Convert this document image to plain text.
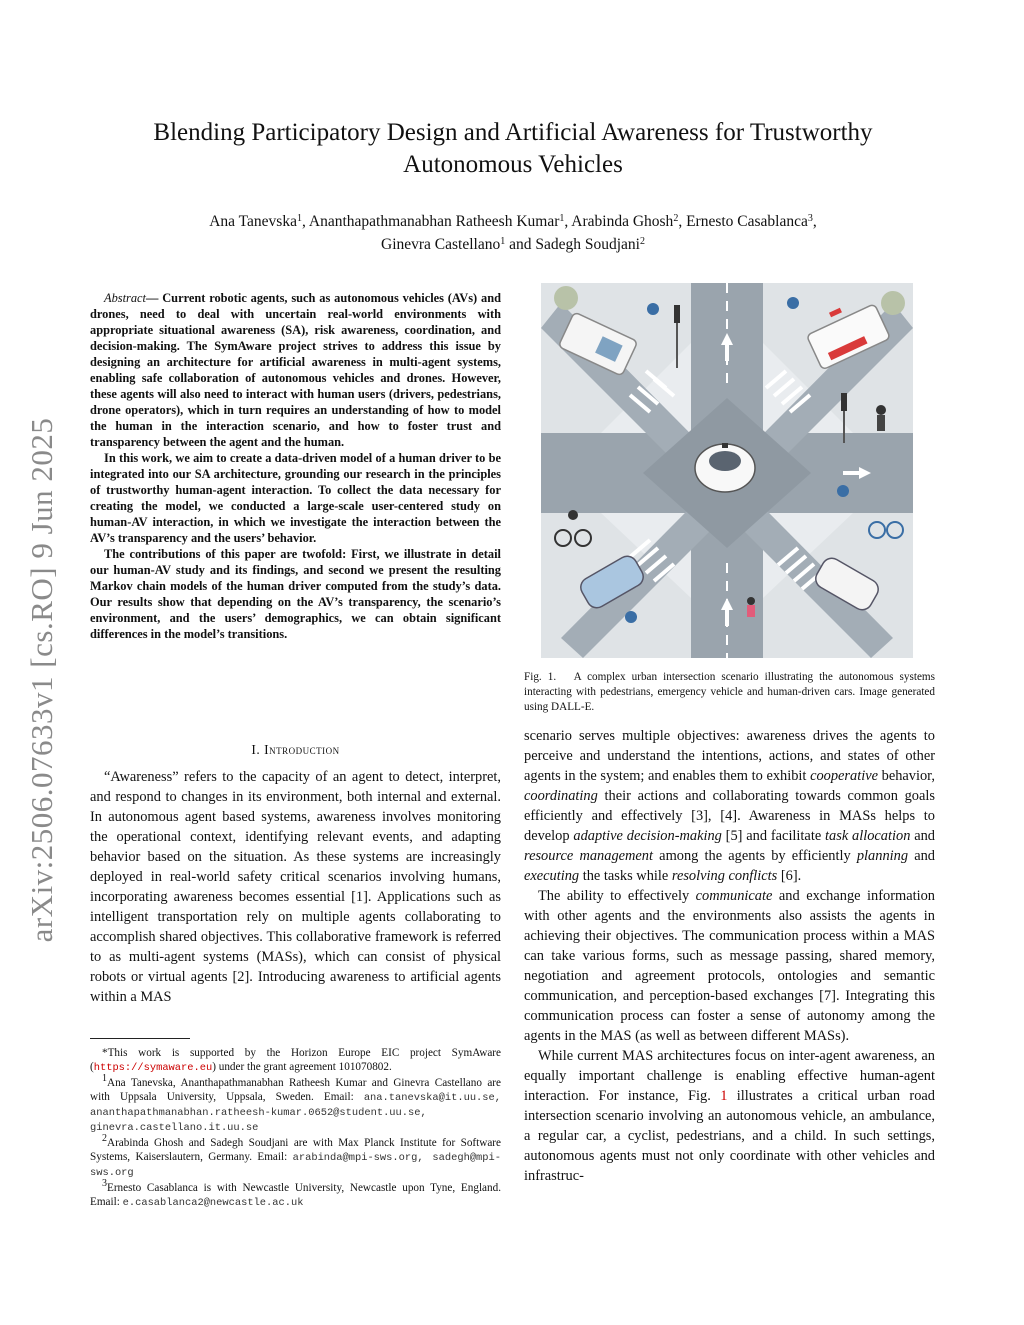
arXiv:2506.07633v1 [cs.RO] 9 Jun 2025
Blending Participatory Design and Artificial Awareness for Trustworthy Autonomous Vehicles
Ana Tanevska$^1$, Ananthapathmanabhan Ratheesh Kumar$^1$, Arabinda Ghosh$^2$, Ernesto Casablanca$^3$,
Ginevra Castellano$^1$ and Sadegh Soudjani$^2$

Abstract— Current robotic agents, such as autonomous vehicles (AVs) and drones, need to deal with uncertain real-world environments with appropriate situational awareness (SA), risk awareness, coordination, and decision-making. The SymAware project strives to address this issue by designing an architecture for artificial awareness in multi-agent systems, enabling safe collaboration of autonomous vehicles and drones. However, these agents will also need to interact with human users (drivers, pedestrians, drone operators), which in turn requires an understanding of how to model the human in the interaction scenario, and how to foster trust and transparency between the agent and the human.

In this work, we aim to create a data-driven model of a human driver to be integrated into our SA architecture, grounding our research in the principles of trustworthy human-agent interaction. To collect the data necessary for creating the model, we conducted a large-scale user-centered study on human-AV interaction, in which we investigate the interaction between the AV’s transparency and the users’ behavior.

The contributions of this paper are twofold: First, we illustrate in detail our human-AV study and its findings, and second we present the resulting Markov chain models of the human driver computed from the study’s data. Our results show that depending on the AV’s transparency, the scenario’s environment, and the users’ demographics, we can obtain significant differences in the model’s transitions.

I. Introduction

“Awareness” refers to the capacity of an agent to detect, interpret, and respond to changes in its environment, both internal and external. In autonomous agent based systems, awareness involves monitoring the operational context, identifying relevant events, and adapting behavior based on the situation. As these systems are increasingly deployed in real-world safety critical scenarios involving humans, incorporating awareness becomes essential [1]. Applications such as intelligent transportation rely on multiple agents collaborating to accomplish shared objectives. This collaborative framework is referred to as multi-agent systems (MASs), which can consist of physical robots or virtual agents [2]. Introducing awareness to artificial agents within a MAS

*This work is supported by the Horizon Europe EIC project SymAware (https://symaware.eu) under the grant agreement 101070802.

$^1$Ana Tanevska, Ananthapathmanabhan Ratheesh Kumar and Ginevra Castellano are with Uppsala University, Uppsala, Sweden. Email: ana.tanevska@it.uu.se, ananthapathmanabhan.ratheesh-kumar.0652@student.uu.se, ginevra.castellano.it.uu.se

$^2$Arabinda Ghosh and Sadegh Soudjani are with Max Planck Institute for Software Systems, Kaiserslautern, Germany. Email: arabinda@mpi-sws.org, sadegh@mpi-sws.org

$^3$Ernesto Casablanca is with Newcastle University, Newcastle upon Tyne, England. Email: e.casablanca2@newcastle.ac.uk

Fig. 1. A complex urban intersection scenario illustrating the autonomous systems interacting with pedestrians, emergency vehicle and human-driven cars. Image generated using DALL-E.

scenario serves multiple objectives: awareness drives the agents to perceive and understand the intentions, actions, and states of other agents in the system; and enables them to exhibit cooperative behavior, coordinating their actions and collaborating towards common goals efficiently and effectively [3], [4]. Awareness in MASs helps to develop adaptive decision-making [5] and facilitate task allocation and resource management among the agents by efficiently planning and executing the tasks while resolving conflicts [6].

The ability to effectively communicate and exchange information with other agents and the environments also assists the agents in achieving their objectives. The communication process within a MAS can take various forms, such as message passing, shared memory, negotiation and agreement protocols, ontologies and semantic communication, and perception-based exchanges [7]. Integrating this communication process can foster a sense of autonomy among the agents in the MAS (as well as between different MASs).

While current MAS architectures focus on inter-agent awareness, an equally important challenge is enabling effective human-agent interaction. For instance, Fig. 1 illustrates a critical urban road intersection scenario involving an autonomous vehicle, an ambulance, a regular car, a cyclist, pedestrians, and a child. In such settings, autonomous agents must not only coordinate with other vehicles and infrastruc-
